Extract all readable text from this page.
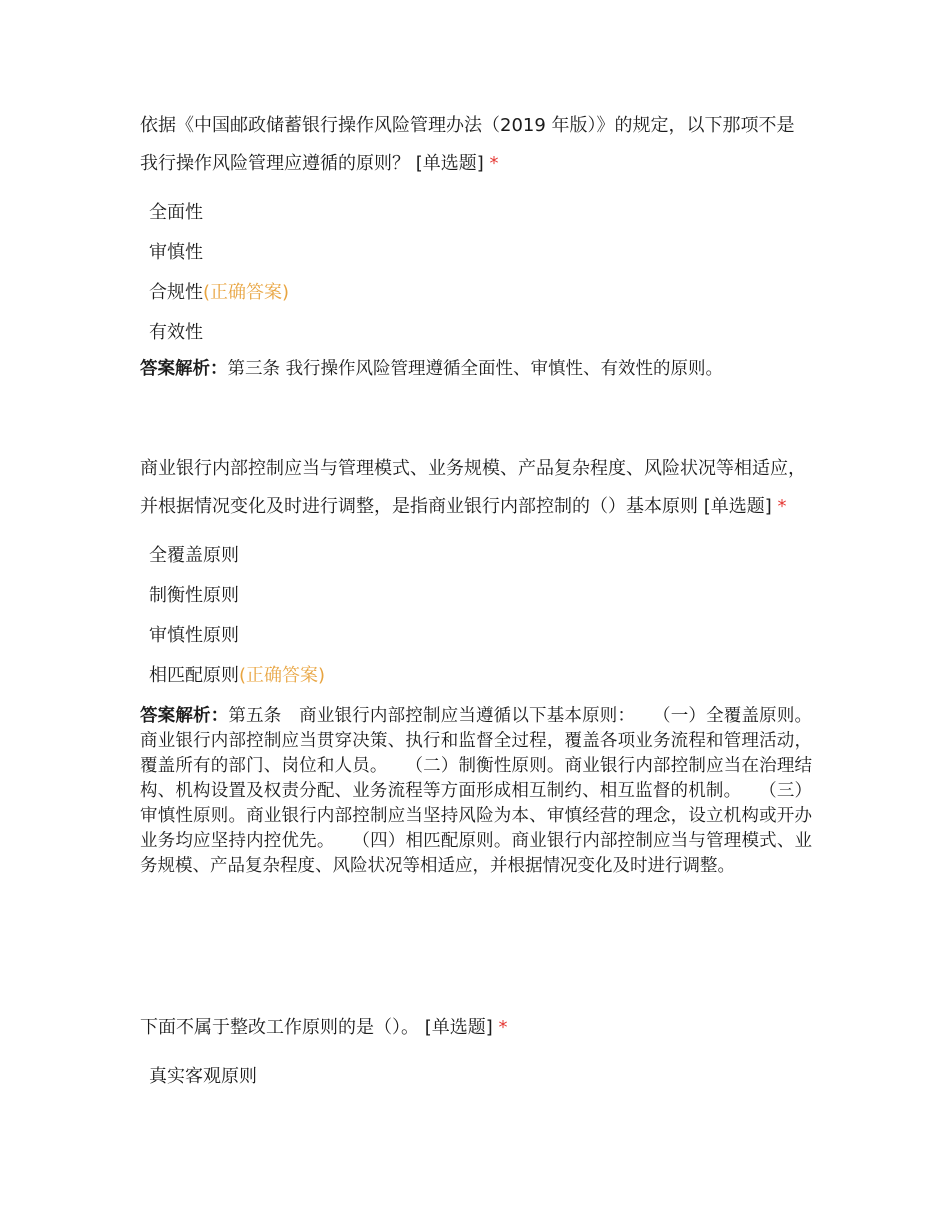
依据《中国邮政储蓄银行操作风险管理办法（2019 年版）》的规定，以下那项不是我行操作风险管理应遵循的原则？ [单选题] *

全面性
审慎性
合规性(正确答案)
有效性
答案解析：第三条 我行操作风险管理遵循全面性、审慎性、有效性的原则。

商业银行内部控制应当与管理模式、业务规模、产品复杂程度、风险状况等相适应，并根据情况变化及时进行调整，是指商业银行内部控制的（）基本原则 [单选题] *

全覆盖原则
制衡性原则
审慎性原则
相匹配原则(正确答案)
答案解析：第五条　商业银行内部控制应当遵循以下基本原则：　　（一）全覆盖原则。商业银行内部控制应当贯穿决策、执行和监督全过程，覆盖各项业务流程和管理活动，覆盖所有的部门、岗位和人员。　　（二）制衡性原则。商业银行内部控制应当在治理结构、机构设置及权责分配、业务流程等方面形成相互制约、相互监督的机制。　　（三）审慎性原则。商业银行内部控制应当坚持风险为本、审慎经营的理念，设立机构或开办业务均应坚持内控优先。　　（四）相匹配原则。商业银行内部控制应当与管理模式、业务规模、产品复杂程度、风险状况等相适应，并根据情况变化及时进行调整。

下面不属于整改工作原则的是（）。 [单选题] *

真实客观原则
